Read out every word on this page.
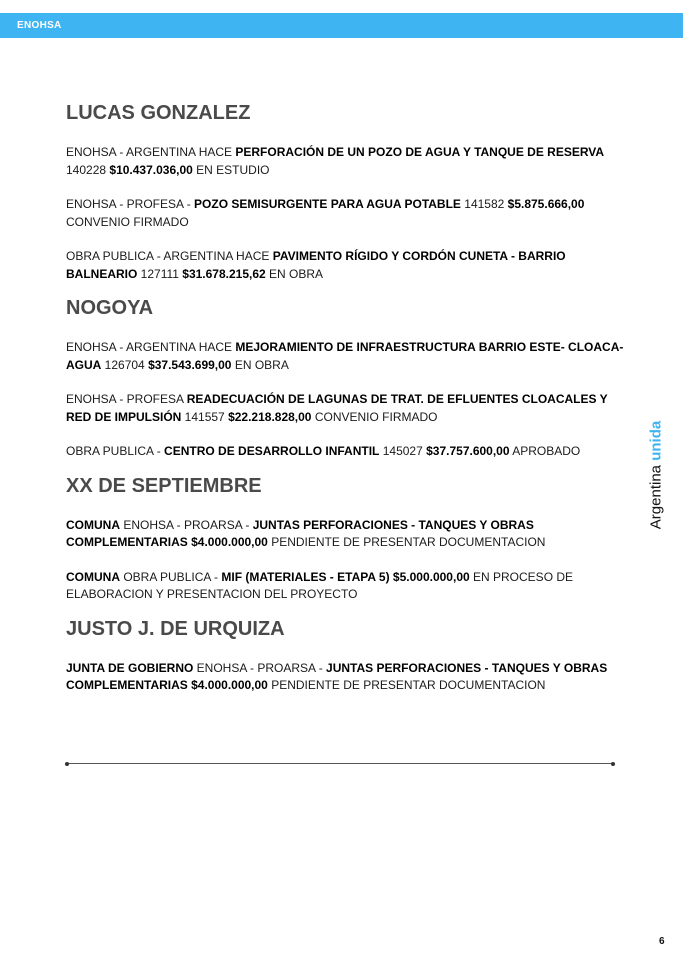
ENOHSA
LUCAS GONZALEZ

ENOHSA - ARGENTINA HACE PERFORACIÓN DE UN POZO DE AGUA Y TANQUE DE RESERVA 140228 $10.437.036,00 EN ESTUDIO

ENOHSA - PROFESA - POZO SEMISURGENTE PARA AGUA POTABLE 141582 $5.875.666,00 CONVENIO FIRMADO

OBRA PUBLICA - ARGENTINA HACE PAVIMENTO RÍGIDO Y CORDÓN CUNETA - BARRIO BALNEARIO 127111 $31.678.215,62 EN OBRA

NOGOYA

ENOHSA - ARGENTINA HACE MEJORAMIENTO DE INFRAESTRUCTURA BARRIO ESTE- CLOACA-AGUA 126704 $37.543.699,00 EN OBRA

ENOHSA - PROFESA READECUACIÓN DE LAGUNAS DE TRAT. DE EFLUENTES CLOACALES Y RED DE IMPULSIÓN 141557 $22.218.828,00 CONVENIO FIRMADO

OBRA PUBLICA - CENTRO DE DESARROLLO INFANTIL 145027 $37.757.600,00 APROBADO

XX DE SEPTIEMBRE

COMUNA ENOHSA - PROARSA - JUNTAS PERFORACIONES - TANQUES Y OBRAS COMPLEMENTARIAS $4.000.000,00 PENDIENTE DE PRESENTAR DOCUMENTACION

COMUNA OBRA PUBLICA - MIF (MATERIALES - ETAPA 5) $5.000.000,00 EN PROCESO DE ELABORACION Y PRESENTACION DEL PROYECTO

JUSTO J. DE URQUIZA

JUNTA DE GOBIERNO ENOHSA - PROARSA - JUNTAS PERFORACIONES - TANQUES Y OBRAS COMPLEMENTARIAS $4.000.000,00 PENDIENTE DE PRESENTAR DOCUMENTACION

Argentina unida
6
